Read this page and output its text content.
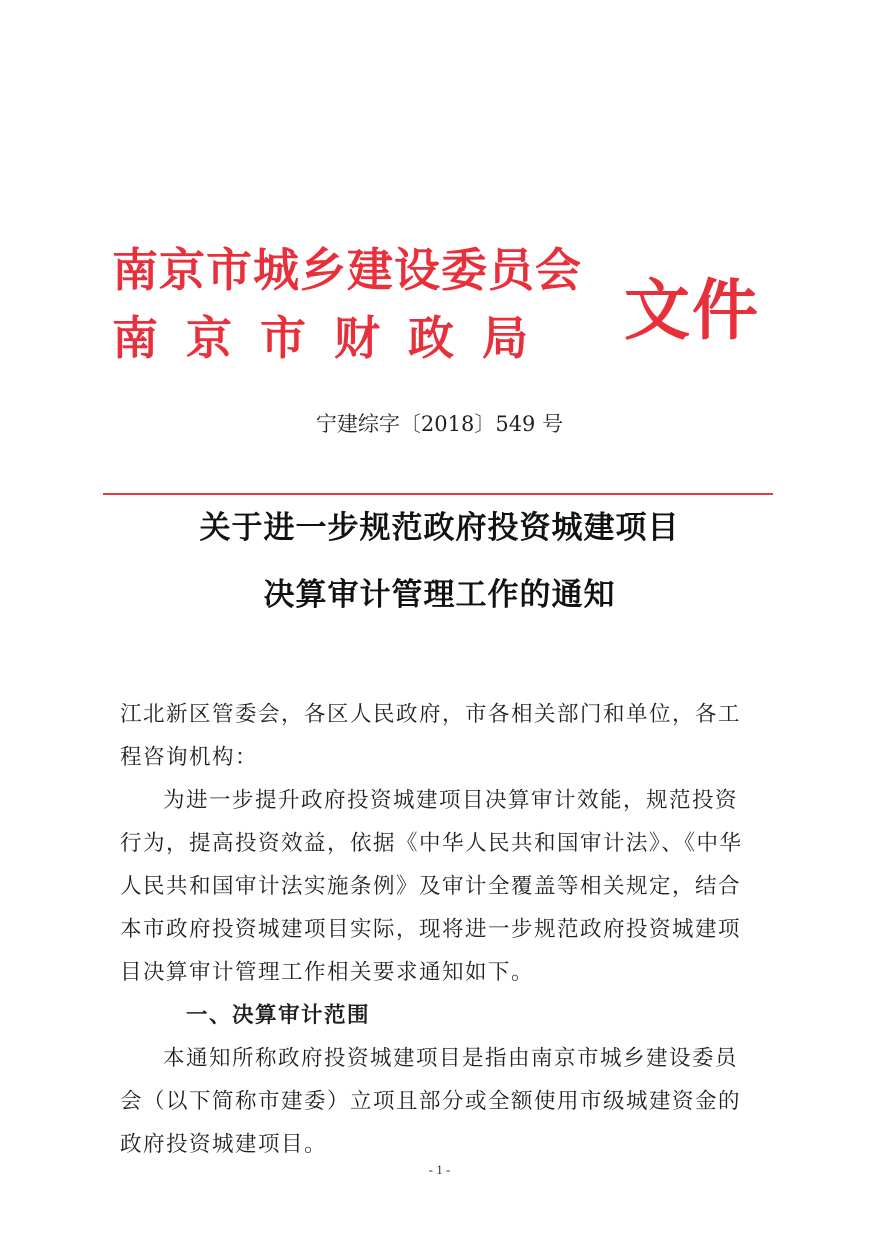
南京市城乡建设委员会
南京市财政局 文件
宁建综字〔2018〕549 号
关于进一步规范政府投资城建项目
决算审计管理工作的通知
江北新区管委会，各区人民政府，市各相关部门和单位，各工
程咨询机构：
为进一步提升政府投资城建项目决算审计效能，规范投资
行为，提高投资效益，依据《中华人民共和国审计法》、《中华
人民共和国审计法实施条例》及审计全覆盖等相关规定，结合
本市政府投资城建项目实际，现将进一步规范政府投资城建项
目决算审计管理工作相关要求通知如下。
一、决算审计范围
本通知所称政府投资城建项目是指由南京市城乡建设委员
会（以下简称市建委）立项且部分或全额使用市级城建资金的
政府投资城建项目。
- 1 -
